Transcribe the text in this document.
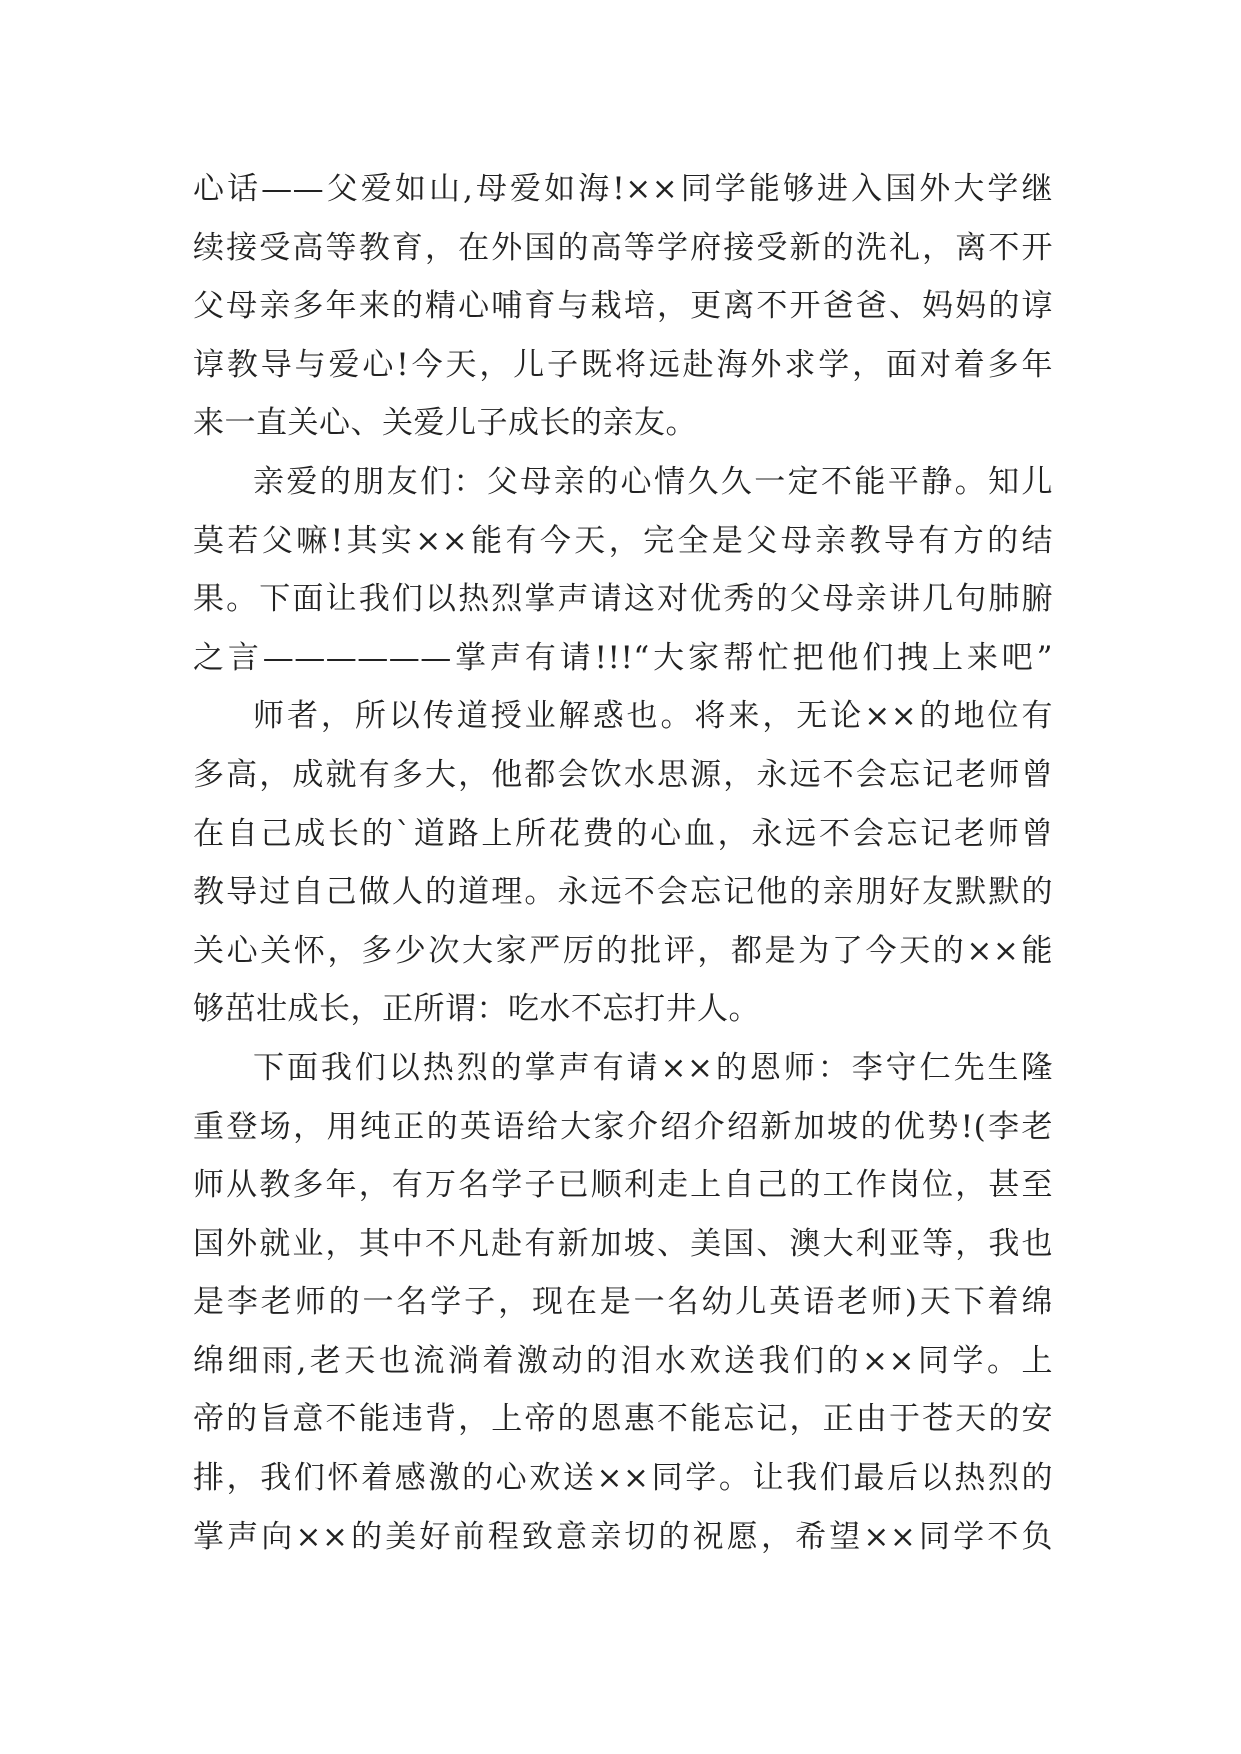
心话——父爱如山,母爱如海!××同学能够进入国外大学继
续接受高等教育，在外国的高等学府接受新的洗礼，离不开
父母亲多年来的精心哺育与栽培，更离不开爸爸、妈妈的谆
谆教导与爱心!今天，儿子既将远赴海外求学，面对着多年
来一直关心、关爱儿子成长的亲友。
亲爱的朋友们：父母亲的心情久久一定不能平静。知儿
莫若父嘛!其实××能有今天，完全是父母亲教导有方的结
果。下面让我们以热烈掌声请这对优秀的父母亲讲几句肺腑
之言——————掌声有请!!!“大家帮忙把他们拽上来吧”
师者，所以传道授业解惑也。将来，无论××的地位有
多高，成就有多大，他都会饮水思源，永远不会忘记老师曾
在自己成长的`道路上所花费的心血，永远不会忘记老师曾
教导过自己做人的道理。永远不会忘记他的亲朋好友默默的
关心关怀，多少次大家严厉的批评，都是为了今天的××能
够茁壮成长，正所谓：吃水不忘打井人。
下面我们以热烈的掌声有请××的恩师：李守仁先生隆
重登场，用纯正的英语给大家介绍介绍新加坡的优势!(李老
师从教多年，有万名学子已顺利走上自己的工作岗位，甚至
国外就业，其中不凡赴有新加坡、美国、澳大利亚等，我也
是李老师的一名学子，现在是一名幼儿英语老师)天下着绵
绵细雨,老天也流淌着激动的泪水欢送我们的××同学。上
帝的旨意不能违背，上帝的恩惠不能忘记，正由于苍天的安
排，我们怀着感激的心欢送××同学。让我们最后以热烈的
掌声向××的美好前程致意亲切的祝愿，希望××同学不负
